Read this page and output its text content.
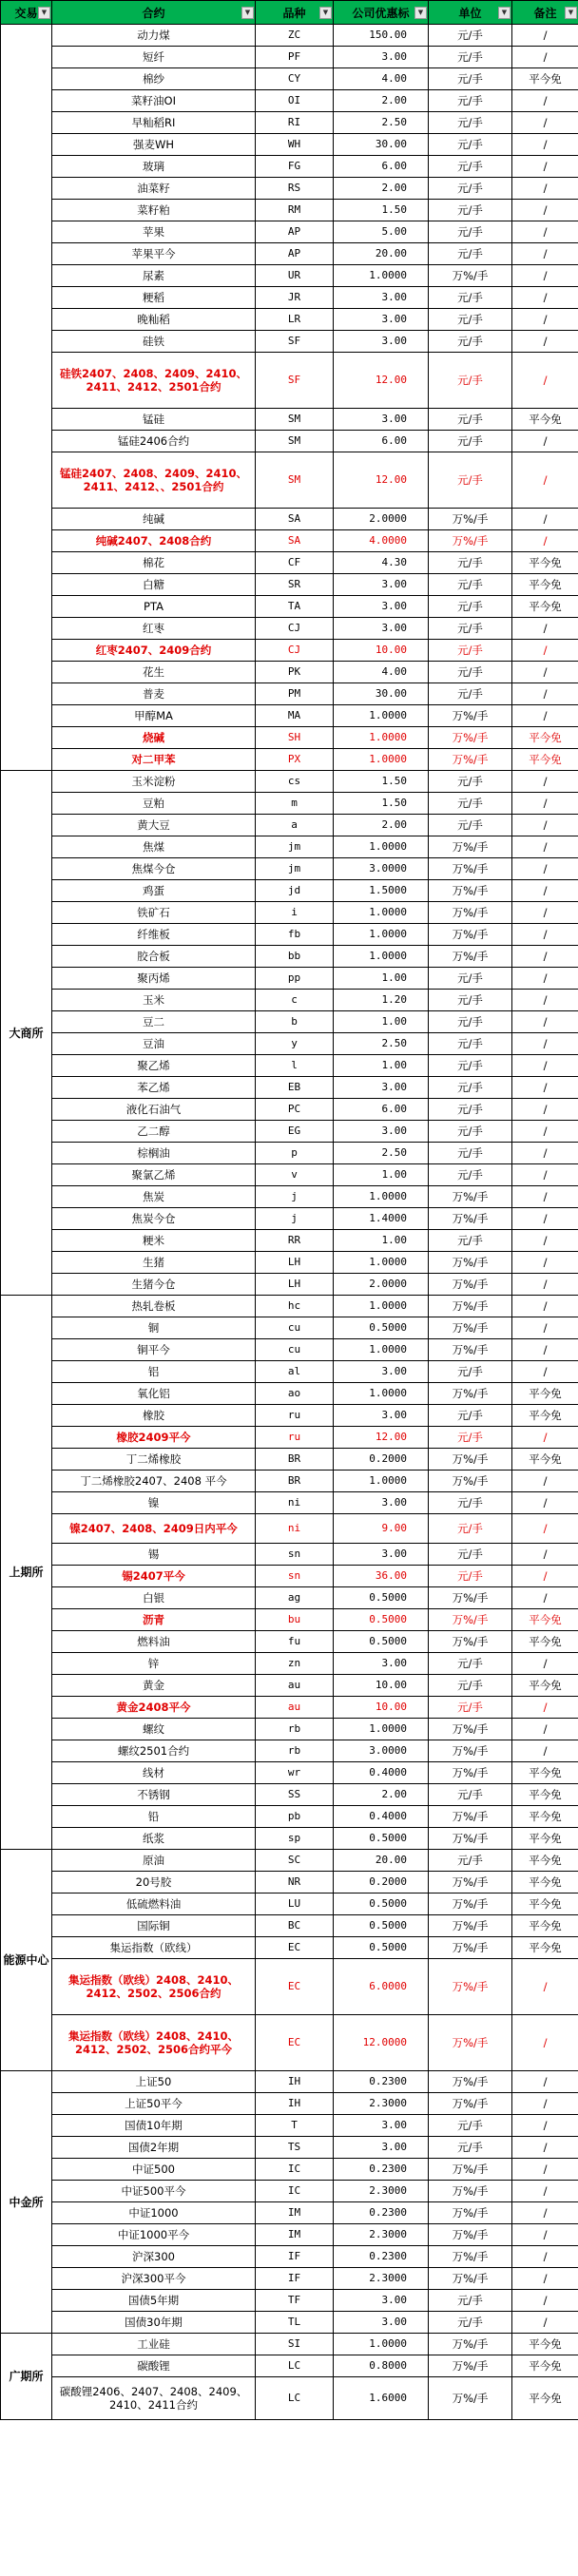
交易 ▼	合约 ▼	品种 ▼	公司优惠标 ▼	单位 ▼	备注 ▼

	动力煤	ZC	150.00	元/手	/
	短纤	PF	3.00	元/手	/
	棉纱	CY	4.00	元/手	平今免
	菜籽油OI	OI	2.00	元/手	/
	早籼稻RI	RI	2.50	元/手	/
	强麦WH	WH	30.00	元/手	/
	玻璃	FG	6.00	元/手	/
	油菜籽	RS	2.00	元/手	/
	菜籽粕	RM	1.50	元/手	/
	苹果	AP	5.00	元/手	/
	苹果平今	AP	20.00	元/手	/
	尿素	UR	1.0000	万%/手	/
	粳稻	JR	3.00	元/手	/
	晚籼稻	LR	3.00	元/手	/
	硅铁	SF	3.00	元/手	/
	硅铁2407、2408、2409、2410、2411、2412、2501合约	SF	12.00	元/手	/
	锰硅	SM	3.00	元/手	平今免
	锰硅2406合约	SM	6.00	元/手	/
	锰硅2407、2408、2409、2410、2411、2412、、2501合约	SM	12.00	元/手	/
	纯碱	SA	2.0000	万%/手	/
	纯碱2407、2408合约	SA	4.0000	万%/手	/
	棉花	CF	4.30	元/手	平今免
	白糖	SR	3.00	元/手	平今免
	PTA	TA	3.00	元/手	平今免
	红枣	CJ	3.00	元/手	/
	红枣2407、2409合约	CJ	10.00	元/手	/
	花生	PK	4.00	元/手	/
	普麦	PM	30.00	元/手	/
	甲醇MA	MA	1.0000	万%/手	/
	烧碱	SH	1.0000	万%/手	平今免
	对二甲苯	PX	1.0000	万%/手	平今免
大商所	玉米淀粉	cs	1.50	元/手	/
	豆粕	m	1.50	元/手	/
	黄大豆	a	2.00	元/手	/
	焦煤	jm	1.0000	万%/手	/
	焦煤今仓	jm	3.0000	万%/手	/
	鸡蛋	jd	1.5000	万%/手	/
	铁矿石	i	1.0000	万%/手	/
	纤维板	fb	1.0000	万%/手	/
	胶合板	bb	1.0000	万%/手	/
	聚丙烯	pp	1.00	元/手	/
	玉米	c	1.20	元/手	/
	豆二	b	1.00	元/手	/
	豆油	y	2.50	元/手	/
	聚乙烯	l	1.00	元/手	/
	苯乙烯	EB	3.00	元/手	/
	液化石油气	PC	6.00	元/手	/
	乙二醇	EG	3.00	元/手	/
	棕榈油	p	2.50	元/手	/
	聚氯乙烯	v	1.00	元/手	/
	焦炭	j	1.0000	万%/手	/
	焦炭今仓	j	1.4000	万%/手	/
	粳米	RR	1.00	元/手	/
	生猪	LH	1.0000	万%/手	/
	生猪今仓	LH	2.0000	万%/手	/
上期所	热轧卷板	hc	1.0000	万%/手	/
	铜	cu	0.5000	万%/手	/
	铜平今	cu	1.0000	万%/手	/
	铝	al	3.00	元/手	/
	氧化铝	ao	1.0000	万%/手	平今免
	橡胶	ru	3.00	元/手	平今免
	橡胶2409平今	ru	12.00	元/手	/
	丁二烯橡胶	BR	0.2000	万%/手	平今免
	丁二烯橡胶2407、2408 平今	BR	1.0000	万%/手	/
	镍	ni	3.00	元/手	/
	镍2407、2408、2409日内平今	ni	9.00	元/手	/
	锡	sn	3.00	元/手	/
	锡2407平今	sn	36.00	元/手	/
	白银	ag	0.5000	万%/手	/
	沥青	bu	0.5000	万%/手	平今免
	燃料油	fu	0.5000	万%/手	平今免
	锌	zn	3.00	元/手	/
	黄金	au	10.00	元/手	平今免
	黄金2408平今	au	10.00	元/手	/
	螺纹	rb	1.0000	万%/手	/
	螺纹2501合约	rb	3.0000	万%/手	/
	线材	wr	0.4000	万%/手	平今免
	不锈钢	SS	2.00	元/手	平今免
	铅	pb	0.4000	万%/手	平今免
	纸浆	sp	0.5000	万%/手	平今免
能源中心	原油	SC	20.00	元/手	平今免
	20号胶	NR	0.2000	万%/手	平今免
	低硫燃料油	LU	0.5000	万%/手	平今免
	国际铜	BC	0.5000	万%/手	平今免
	集运指数（欧线）	EC	0.5000	万%/手	平今免
	集运指数（欧线）2408、2410、2412、2502、2506合约	EC	6.0000	万%/手	/
	集运指数（欧线）2408、2410、2412、2502、2506合约平今	EC	12.0000	万%/手	/
中金所	上证50	IH	0.2300	万%/手	/
	上证50平今	IH	2.3000	万%/手	/
	国债10年期	T	3.00	元/手	/
	国债2年期	TS	3.00	元/手	/
	中证500	IC	0.2300	万%/手	/
	中证500平今	IC	2.3000	万%/手	/
	中证1000	IM	0.2300	万%/手	/
	中证1000平今	IM	2.3000	万%/手	/
	沪深300	IF	0.2300	万%/手	/
	沪深300平今	IF	2.3000	万%/手	/
	国债5年期	TF	3.00	元/手	/
	国债30年期	TL	3.00	元/手	/
广期所	工业硅	SI	1.0000	万%/手	平今免
	碳酸锂	LC	0.8000	万%/手	平今免
	碳酸锂2406、2407、2408、2409、2410、2411合约	LC	1.6000	万%/手	平今免
